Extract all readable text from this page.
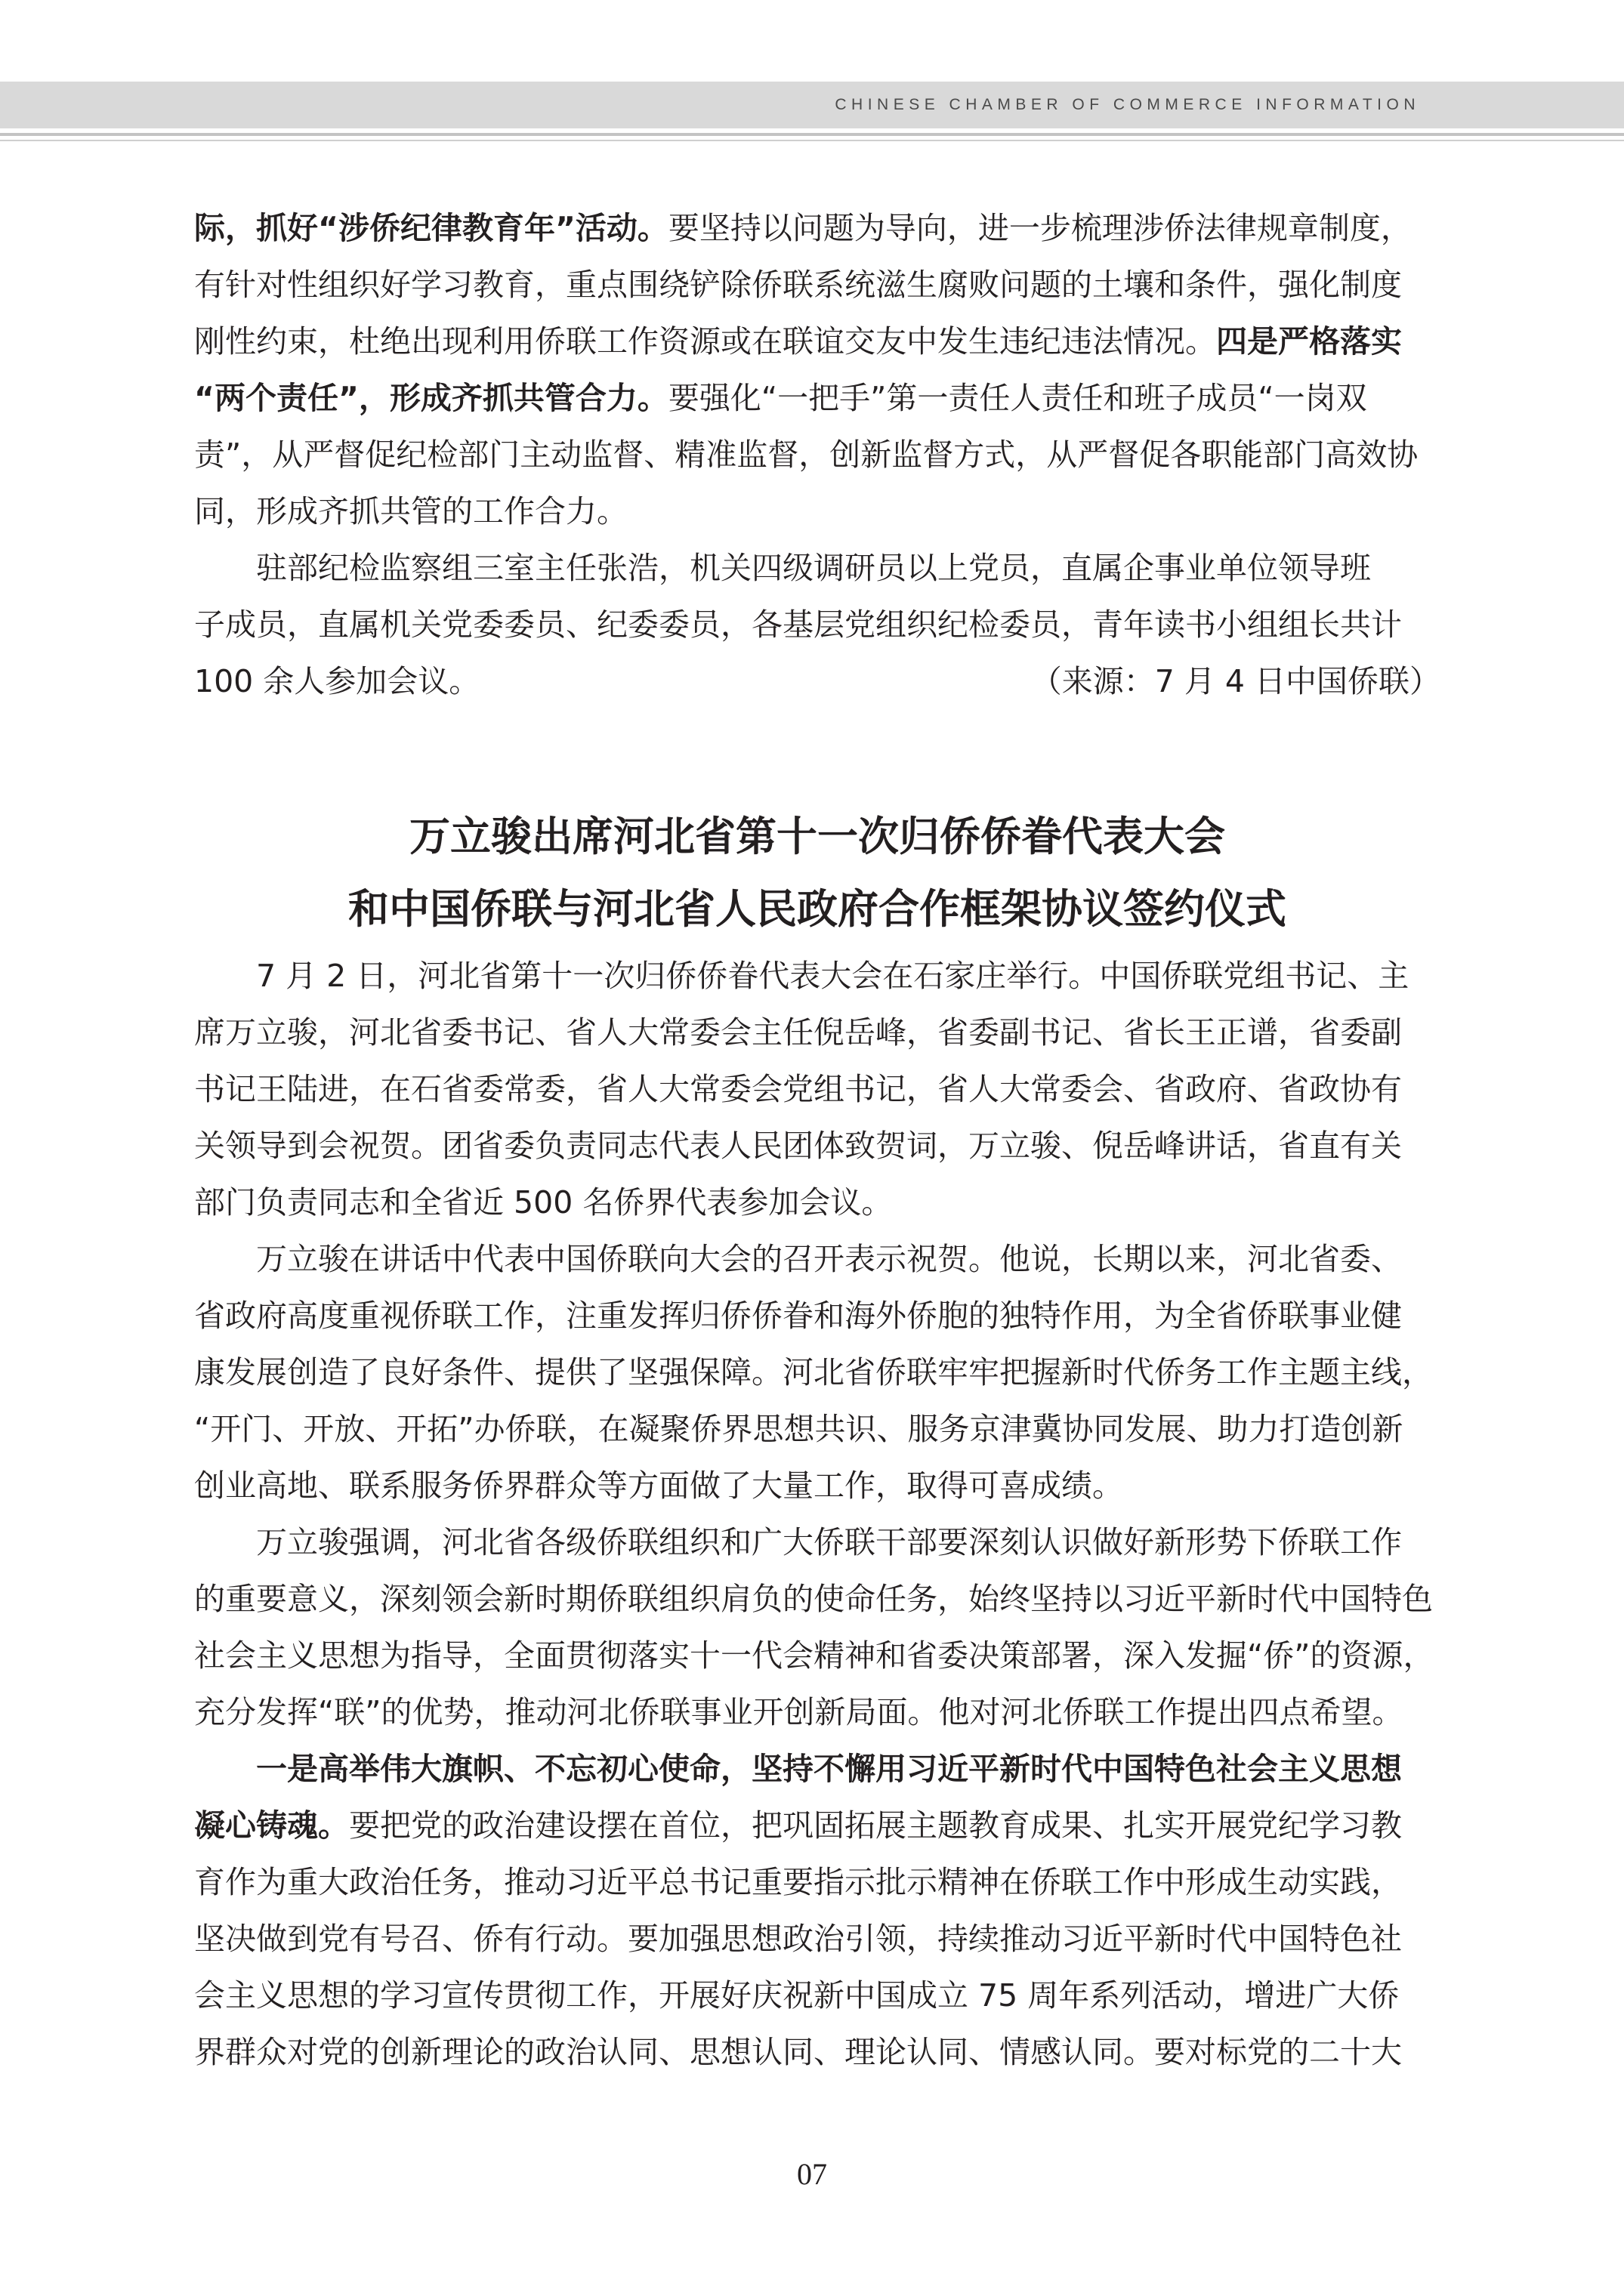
CHINESE CHAMBER OF COMMERCE INFORMATION

际，抓好“涉侨纪律教育年”活动。要坚持以问题为导向，进一步梳理涉侨法律规章制度，
有针对性组织好学习教育，重点围绕铲除侨联系统滋生腐败问题的土壤和条件，强化制度
刚性约束，杜绝出现利用侨联工作资源或在联谊交友中发生违纪违法情况。四是严格落实
“两个责任”，形成齐抓共管合力。要强化“一把手”第一责任人责任和班子成员“一岗双
责”，从严督促纪检部门主动监督、精准监督，创新监督方式，从严督促各职能部门高效协
同，形成齐抓共管的工作合力。

驻部纪检监察组三室主任张浩，机关四级调研员以上党员，直属企事业单位领导班
子成员，直属机关党委委员、纪委委员，各基层党组织纪检委员，青年读书小组组长共计
100 余人参加会议。	（来源：7 月 4 日中国侨联）

万立骏出席河北省第十一次归侨侨眷代表大会
和中国侨联与河北省人民政府合作框架协议签约仪式

7 月 2 日，河北省第十一次归侨侨眷代表大会在石家庄举行。中国侨联党组书记、主
席万立骏，河北省委书记、省人大常委会主任倪岳峰，省委副书记、省长王正谱，省委副
书记王陆进，在石省委常委，省人大常委会党组书记，省人大常委会、省政府、省政协有
关领导到会祝贺。团省委负责同志代表人民团体致贺词，万立骏、倪岳峰讲话，省直有关
部门负责同志和全省近 500 名侨界代表参加会议。

万立骏在讲话中代表中国侨联向大会的召开表示祝贺。他说，长期以来，河北省委、
省政府高度重视侨联工作，注重发挥归侨侨眷和海外侨胞的独特作用，为全省侨联事业健
康发展创造了良好条件、提供了坚强保障。河北省侨联牢牢把握新时代侨务工作主题主线，
“开门、开放、开拓”办侨联，在凝聚侨界思想共识、服务京津冀协同发展、助力打造创新
创业高地、联系服务侨界群众等方面做了大量工作，取得可喜成绩。

万立骏强调，河北省各级侨联组织和广大侨联干部要深刻认识做好新形势下侨联工作
的重要意义，深刻领会新时期侨联组织肩负的使命任务，始终坚持以习近平新时代中国特色
社会主义思想为指导，全面贯彻落实十一代会精神和省委决策部署，深入发掘“侨”的资源，
充分发挥“联”的优势，推动河北侨联事业开创新局面。他对河北侨联工作提出四点希望。

一是高举伟大旗帜、不忘初心使命，坚持不懈用习近平新时代中国特色社会主义思想
凝心铸魂。要把党的政治建设摆在首位，把巩固拓展主题教育成果、扎实开展党纪学习教
育作为重大政治任务，推动习近平总书记重要指示批示精神在侨联工作中形成生动实践，
坚决做到党有号召、侨有行动。要加强思想政治引领，持续推动习近平新时代中国特色社
会主义思想的学习宣传贯彻工作，开展好庆祝新中国成立 75 周年系列活动，增进广大侨
界群众对党的创新理论的政治认同、思想认同、理论认同、情感认同。要对标党的二十大

07
